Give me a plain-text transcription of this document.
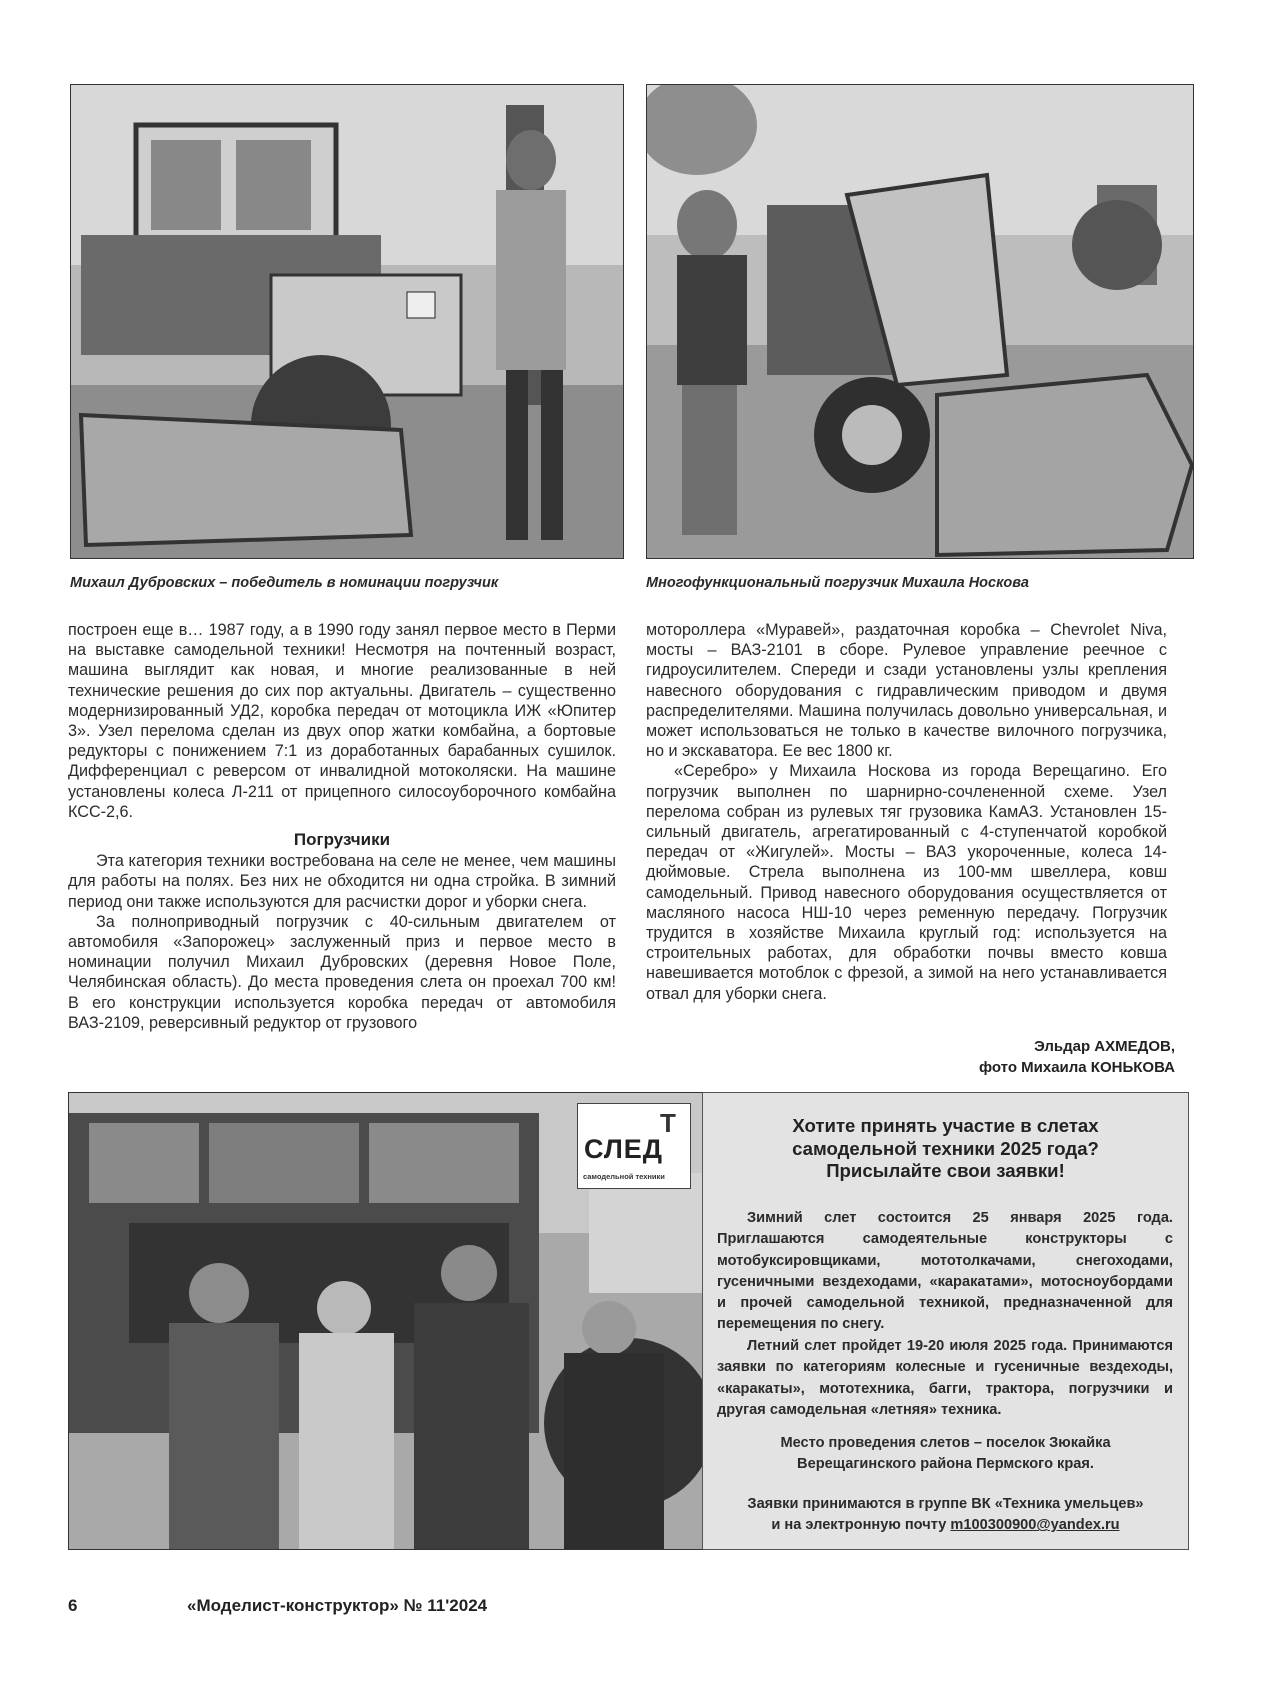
Михаил Дубровских – победитель в номинации погрузчик	Многофункциональный погрузчик Михаила Носкова

построен еще в… 1987 году, а в 1990 году занял первое место в Перми на выставке самодельной техники! Несмотря на почтенный возраст, машина выглядит как новая, и многие реализованные в ней технические решения до сих пор актуальны. Двигатель – существенно модернизированный УД2, коробка передач от мотоцикла ИЖ «Юпитер 3». Узел перелома сделан из двух опор жатки комбайна, а бортовые редукторы с понижением 7:1 из доработанных барабанных сушилок. Дифференциал с реверсом от инвалидной мотоколяски. На машине установлены колеса Л-211 от прицепного силосоуборочного комбайна КСС-2,6.

Погрузчики

Эта категория техники востребована на селе не менее, чем машины для работы на полях. Без них не обходится ни одна стройка. В зимний период они также используются для расчистки дорог и уборки снега.

За полноприводный погрузчик с 40-сильным двигателем от автомобиля «Запорожец» заслуженный приз и первое место в номинации получил Михаил Дубровских (деревня Новое Поле, Челябинская область). До места проведения слета он проехал 700 км! В его конструкции используется коробка передач от автомобиля ВАЗ-2109, реверсивный редуктор от грузового

мотороллера «Муравей», раздаточная коробка – Chevrolet Niva, мосты – ВАЗ-2101 в сборе. Рулевое управление реечное с гидроусилителем. Спереди и сзади установлены узлы крепления навесного оборудования с гидравлическим приводом и двумя распределителями. Машина получилась довольно универсальная, и может использоваться не только в качестве вилочного погрузчика, но и экскаватора. Ее вес 1800 кг.

«Серебро» у Михаила Носкова из города Верещагино. Его погрузчик выполнен по шарнирно-сочлененной схеме. Узел перелома собран из рулевых тяг грузовика КамАЗ. Установлен 15-сильный двигатель, агрегатированный с 4-ступенчатой коробкой передач от «Жигулей». Мосты – ВАЗ укороченные, колеса 14-дюймовые. Стрела выполнена из 100-мм швеллера, ковш самодельный. Привод навесного оборудования осуществляется от масляного насоса НШ-10 через ременную передачу. Погрузчик трудится в хозяйстве Михаила круглый год: используется на строительных работах, для обработки почвы вместо ковша навешивается мотоблок с фрезой, а зимой на него устанавливается отвал для уборки снега.

Эльдар АХМЕДОВ,
фото Михаила КОНЬКОВА
Т
СЛЕД
самодельной техники
Хотите принять участие в слетах
самодельной техники 2025 года?
Присылайте свои заявки!
Зимний слет состоится 25 января 2025 года. Приглашаются самодеятельные конструкторы с мотобуксировщиками, мототолкачами, снегоходами, гусеничными вездеходами, «каракатами», мотосноубордами и прочей самодельной техникой, предназначенной для перемещения по снегу.
Летний слет пройдет 19-20 июля 2025 года. Принимаются заявки по категориям колесные и гусеничные вездеходы, «каракаты», мототехника, багги, трактора, погрузчики и другая самодельная «летняя» техника.
Место проведения слетов – поселок Зюкайка
Верещагинского района Пермского края.
Заявки принимаются в группе ВК «Техника умельцев»
и на электронную почту m100300900@yandex.ru
6	«Моделист-конструктор» № 11'2024
